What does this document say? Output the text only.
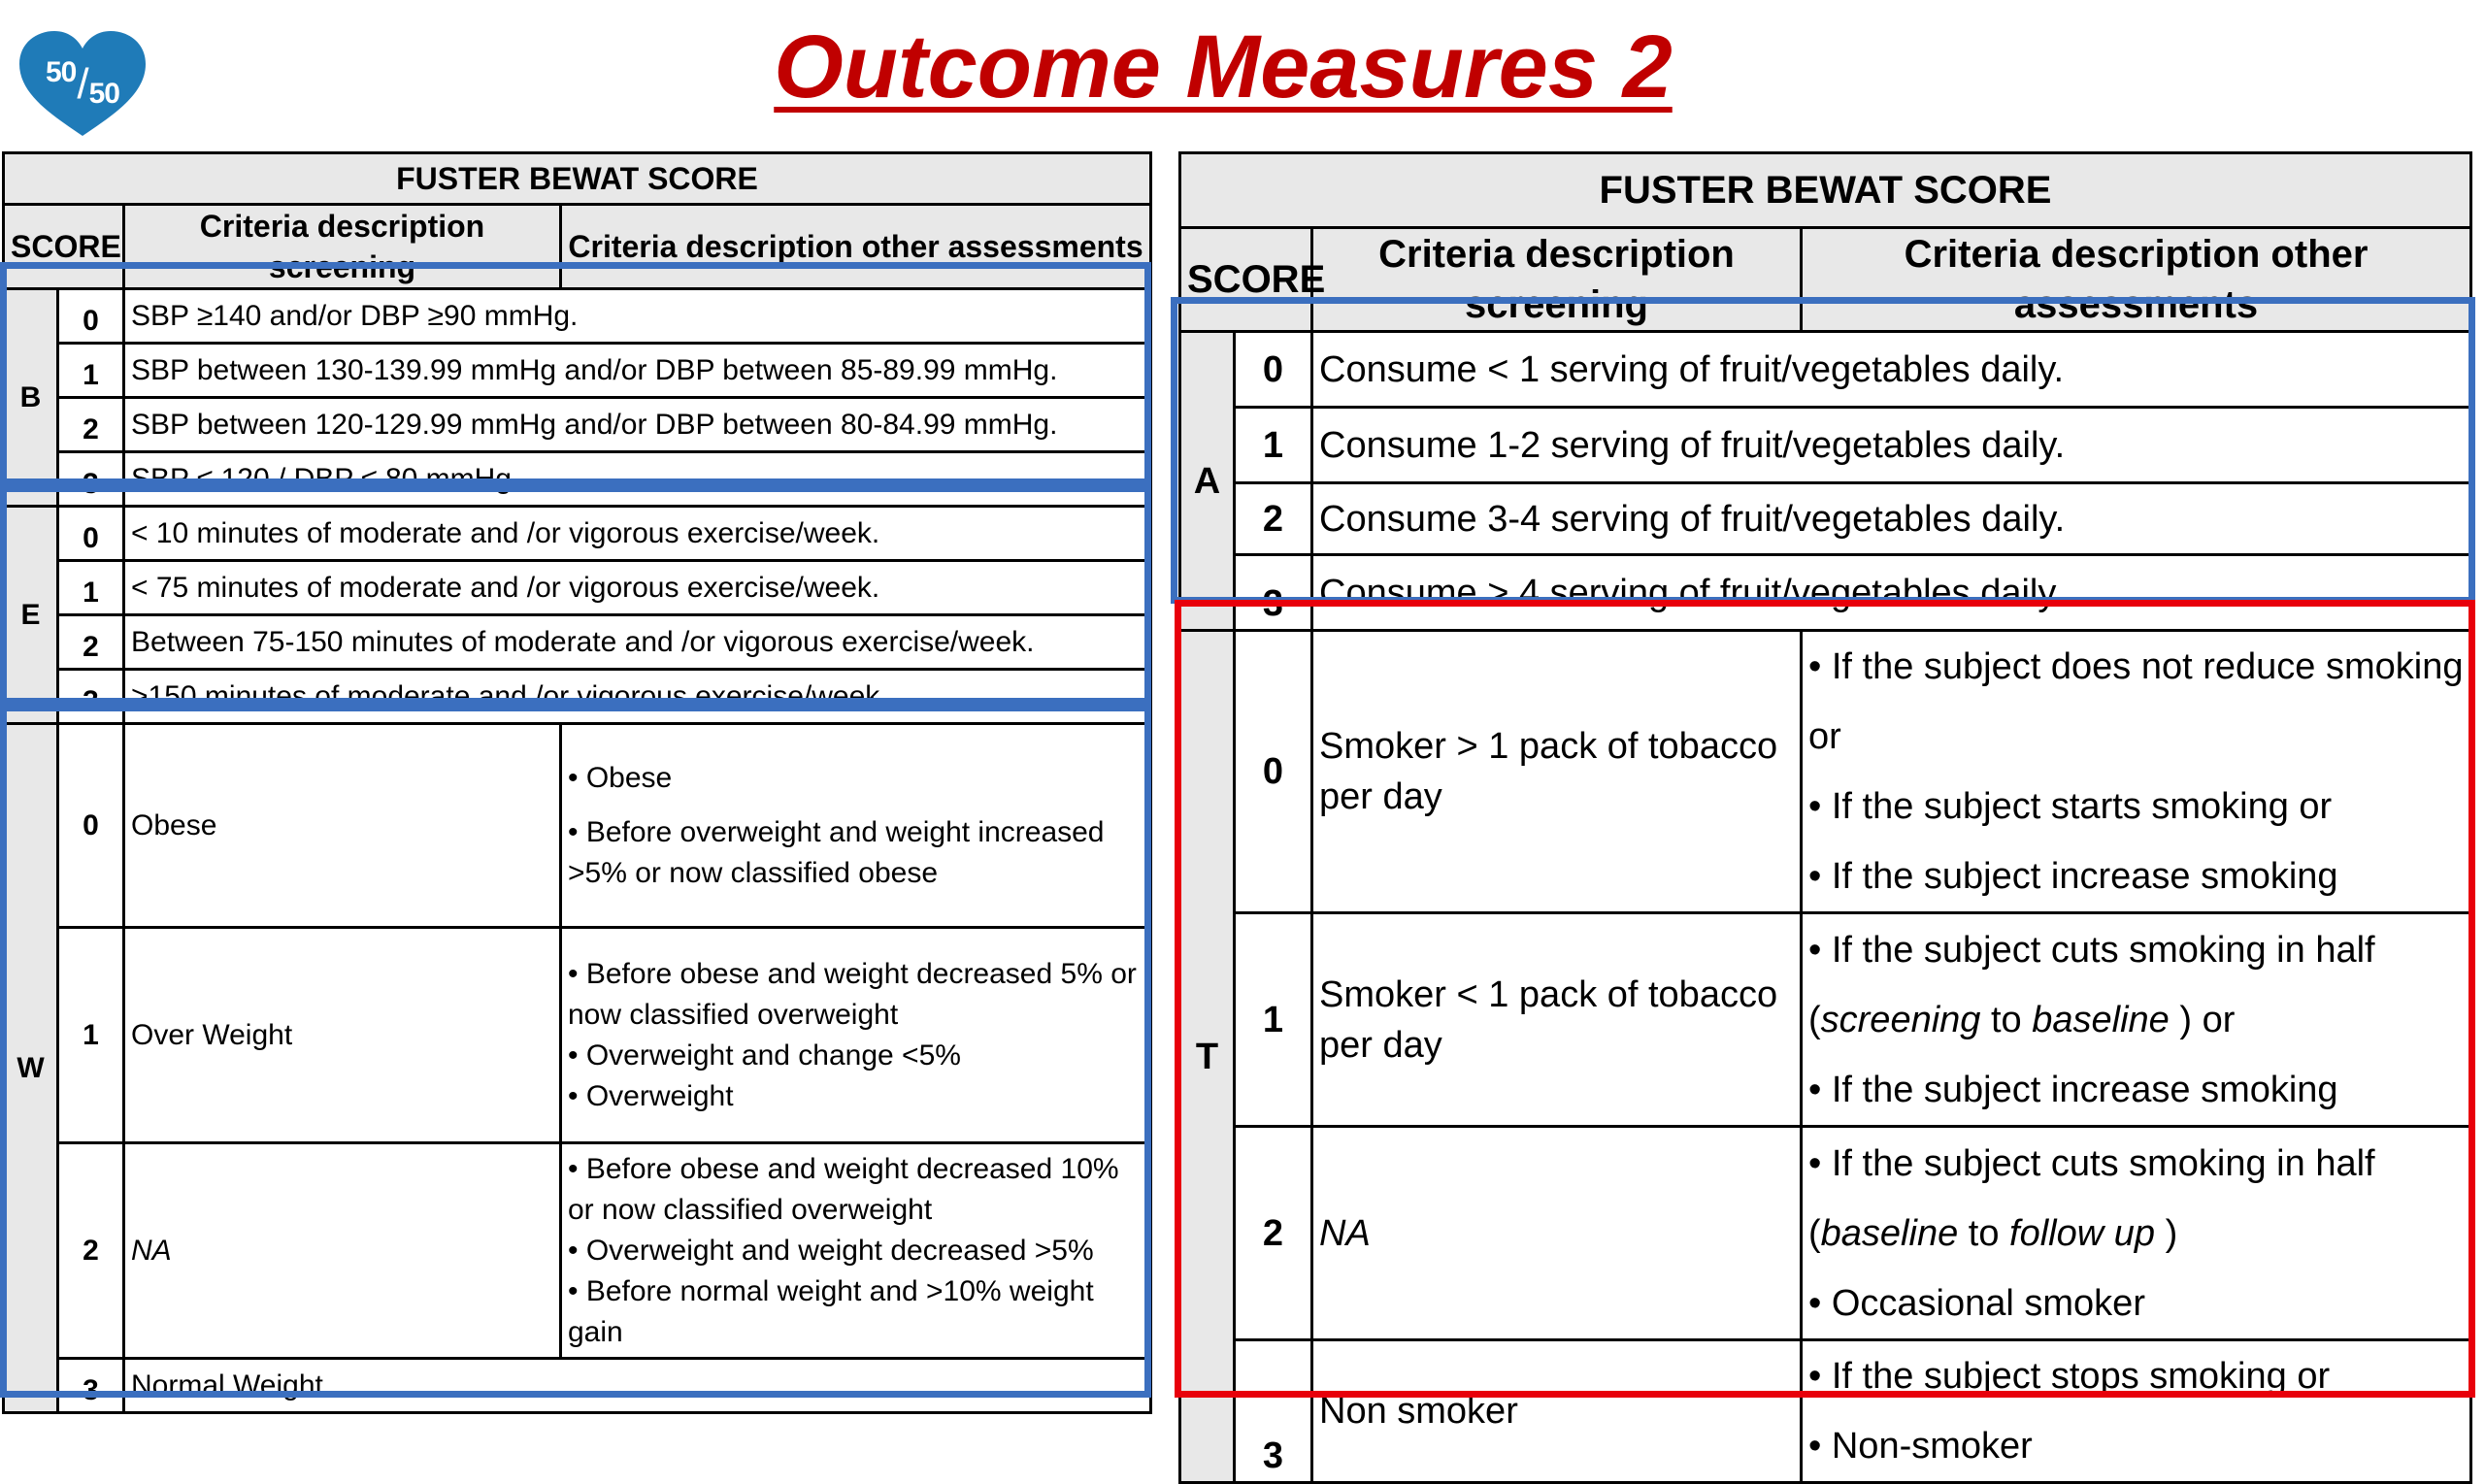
50 / 50	Outcome Measures 2
FUSTER BEWAT SCORE			
SCORE		Criteria description screening	Criteria description other assessments
B	0	SBP ≥140 and/or DBP ≥90 mmHg.	
	1	SBP between 130-139.99 mmHg and/or DBP between 85-89.99 mmHg.	
	2	SBP between 120-129.99 mmHg and/or DBP between 80-84.99 mmHg.	
	3	SBP ≤ 120 / DBP ≤ 80 mmHg.	
E	0	< 10 minutes of moderate and /or vigorous exercise/week.	
	1	< 75 minutes of moderate and /or vigorous exercise/week.	
	2	Between 75-150 minutes of moderate and /or vigorous exercise/week.	
	3	>150 minutes of moderate and /or vigorous exercise/week.	
W	0	Obese	• Obese
• Before overweight and weight increased >5% or now classified obese

	1	Over Weight	• Before obese and weight decreased 5% or now classified overweight
• Overweight and change <5%
• Overweight

	2	NA	• Before obese and weight decreased 10% or now classified overweight
• Overweight and weight decreased >5%
• Before normal weight and >10% weight gain

	3	Normal Weight	
FUSTER BEWAT SCORE			
SCORE		Criteria description screening	Criteria description other assessments
A	0	Consume < 1 serving of fruit/vegetables daily.	
	1	Consume 1-2 serving of fruit/vegetables daily.	
	2	Consume 3-4 serving of fruit/vegetables daily.	
	3	Consume > 4 serving of fruit/vegetables daily.	
T	0	Smoker > 1 pack of tobacco per day	• If the subject does not reduce smoking or
• If the subject starts smoking or
• If the subject increase smoking

	1	Smoker < 1 pack of tobacco per day	• If the subject cuts smoking in half (screening to baseline ) or
• If the subject increase smoking

	2	NA	• If the subject cuts smoking in half (baseline to follow up )
• Occasional smoker

	3	Non smoker	• If the subject stops smoking or
• Non-smoker
